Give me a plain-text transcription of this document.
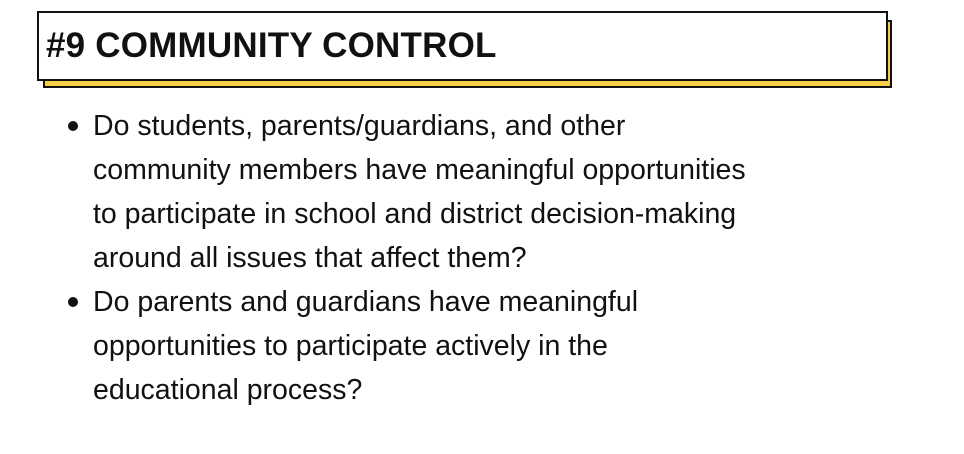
#9 COMMUNITY CONTROL
Do students, parents/guardians, and other
community members have meaningful opportunities
to participate in school and district decision-making
around all issues that affect them?
Do parents and guardians have meaningful
opportunities to participate actively in the
educational process?
